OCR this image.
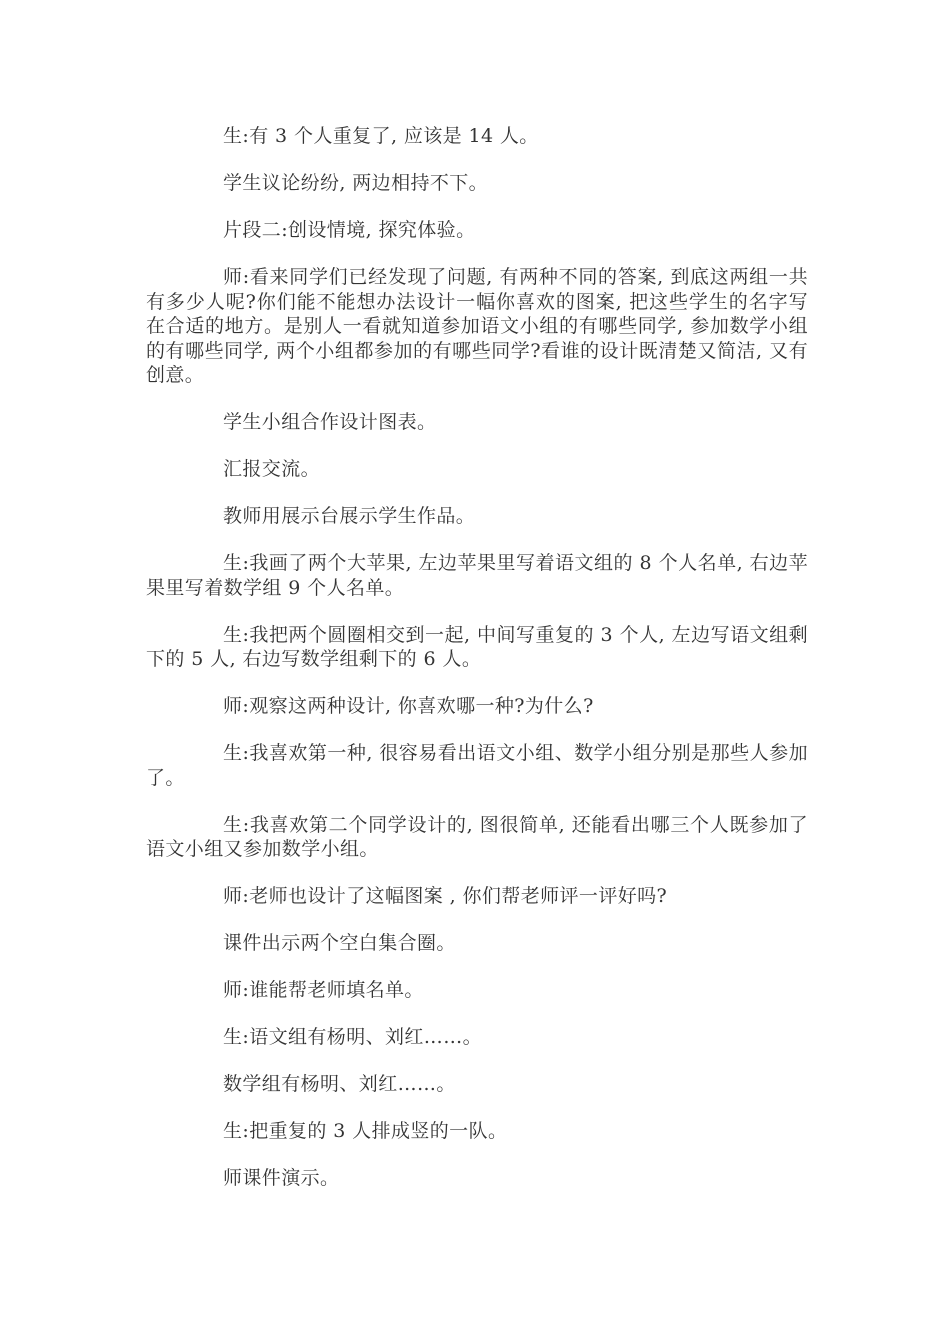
生:有 3 个人重复了, 应该是 14 人。

学生议论纷纷, 两边相持不下。

片段二:创设情境, 探究体验。

师:看来同学们已经发现了问题, 有两种不同的答案, 到底这两组一共有多少人呢?你们能不能想办法设计一幅你喜欢的图案, 把这些学生的名字写在合适的地方。是别人一看就知道参加语文小组的有哪些同学, 参加数学小组的有哪些同学, 两个小组都参加的有哪些同学?看谁的设计既清楚又简洁, 又有创意。

学生小组合作设计图表。

汇报交流。

教师用展示台展示学生作品。

生:我画了两个大苹果, 左边苹果里写着语文组的 8 个人名单, 右边苹果里写着数学组 9 个人名单。

生:我把两个圆圈相交到一起, 中间写重复的 3 个人, 左边写语文组剩下的 5 人, 右边写数学组剩下的 6 人。

师:观察这两种设计, 你喜欢哪一种?为什么?

生:我喜欢第一种, 很容易看出语文小组、数学小组分别是那些人参加了。

生:我喜欢第二个同学设计的, 图很简单, 还能看出哪三个人既参加了语文小组又参加数学小组。

师:老师也设计了这幅图案 , 你们帮老师评一评好吗?

课件出示两个空白集合圈。

师:谁能帮老师填名单。

生:语文组有杨明、刘红……。

数学组有杨明、刘红……。

生:把重复的 3 人排成竖的一队。

师课件演示。
